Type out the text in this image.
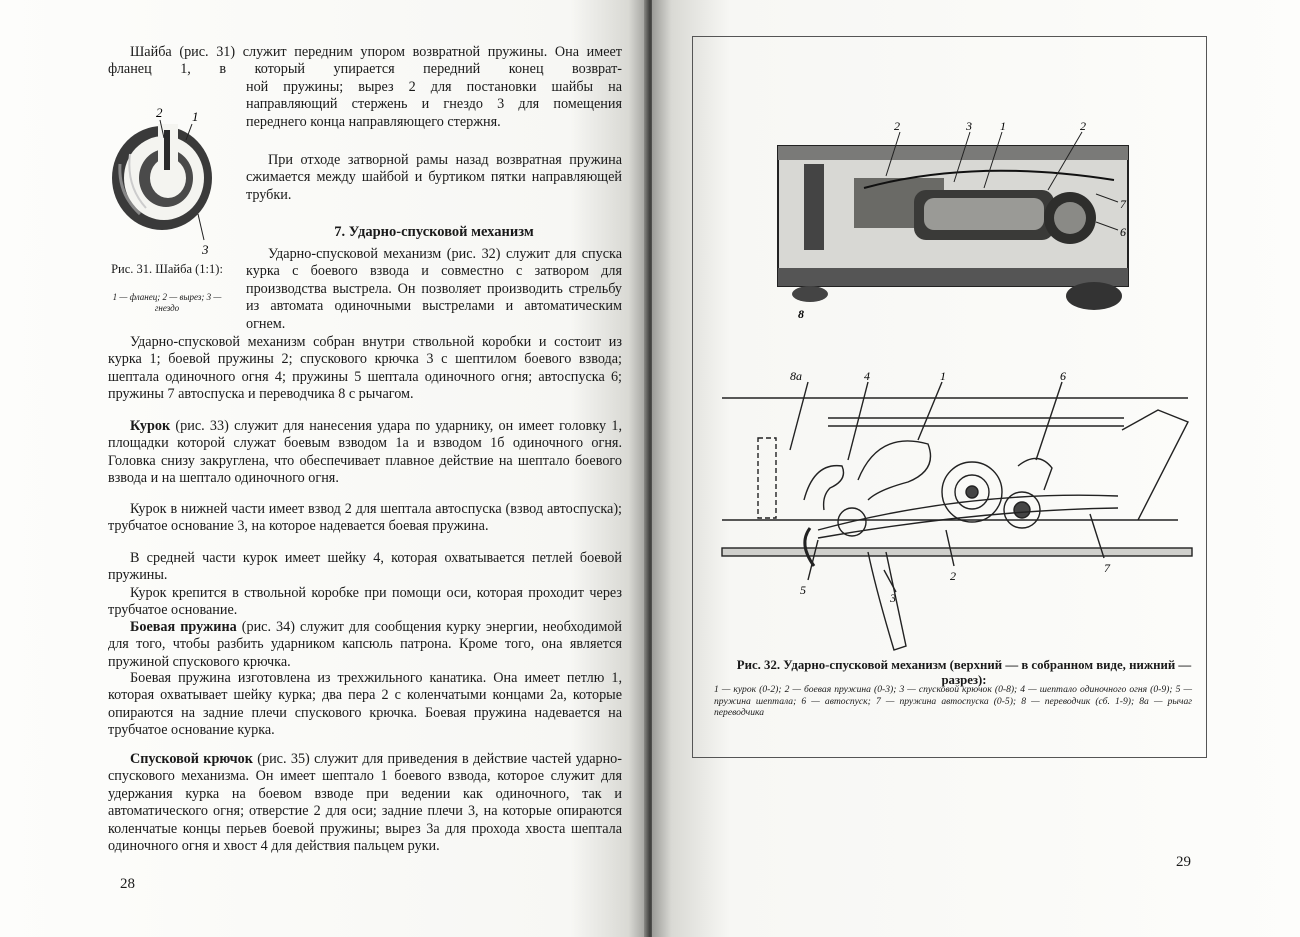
Шайба (рис. 31) служит передним упором возвратной пружины. Она имеет фланец 1, в который упирается передний конец возврат-

ной пружины; вырез 2 для постановки шайбы на направляющий стержень и гнездо 3 для помещения переднего конца направляющего стержня.

При отходе затворной рамы назад возвратная пружина сжимается между шайбой и буртиком пятки направляющей трубки.

2 1
3

Рис. 31. Шайба (1:1):

1 — фланец; 2 — вырез; 3 — гнездо

7. Ударно-спусковой механизм

Ударно-спусковой механизм (рис. 32) служит для спуска курка с боевого взвода и совместно с затвором для производства выстрела. Он позволяет производить стрельбу из автомата одиночными выстрелами и автоматическим огнем.

Ударно-спусковой механизм собран внутри ствольной коробки и состоит из курка 1; боевой пружины 2; спускового крючка 3 с шептилом боевого взвода; шептала одиночного огня 4; пружины 5 шептала одиночного огня; автоспуска 6; пружины 7 автоспуска и переводчика 8 с рычагом.

Курок (рис. 33) служит для нанесения удара по ударнику, он имеет головку 1, площадки которой служат боевым взводом 1а и взводом 1б одиночного огня. Головка снизу закруглена, что обеспечивает плавное действие на шептало боевого взвода и на шептало одиночного огня.

Курок в нижней части имеет взвод 2 для шептала автоспуска (взвод автоспуска); трубчатое основание 3, на которое надевается боевая пружина.

В средней части курок имеет шейку 4, которая охватывается петлей боевой пружины.

Курок крепится в ствольной коробке при помощи оси, которая проходит через трубчатое основание.

Боевая пружина (рис. 34) служит для сообщения курку энергии, необходимой для того, чтобы разбить ударником капсюль патрона. Кроме того, она является пружиной спускового крючка.

Боевая пружина изготовлена из трехжильного канатика. Она имеет петлю 1, которая охватывает шейку курка; два пера 2 с коленчатыми концами 2а, которые опираются на задние плечи спускового крючка. Боевая пружина надевается на трубчатое основание курка.

Спусковой крючок (рис. 35) служит для приведения в действие частей ударно-спускового механизма. Он имеет шептало 1 боевого взвода, которое служит для удержания курка на боевом взводе при ведении как одиночного, так и автоматического огня; отверстие 2 для оси; задние плечи 3, на которые опираются коленчатые концы перьев боевой пружины; вырез 3а для прохода хвоста шептала одиночного огня и хвост 4 для действия пальцем руки.

28

2	3 1	2
7
6
8
8а	4	1	6
5
2
3
7

Рис. 32. Ударно-спусковой механизм (верхний — в собранном виде, нижний — разрез):

1 — курок (0-2); 2 — боевая пружина (0-3); 3 — спусковой крючок (0-8); 4 — шептало одиночного огня (0-9); 5 — пружина шептала; 6 — автоспуск; 7 — пружина автоспуска (0-5); 8 — переводчик (сб. 1-9); 8а — рычаг переводчика

29
